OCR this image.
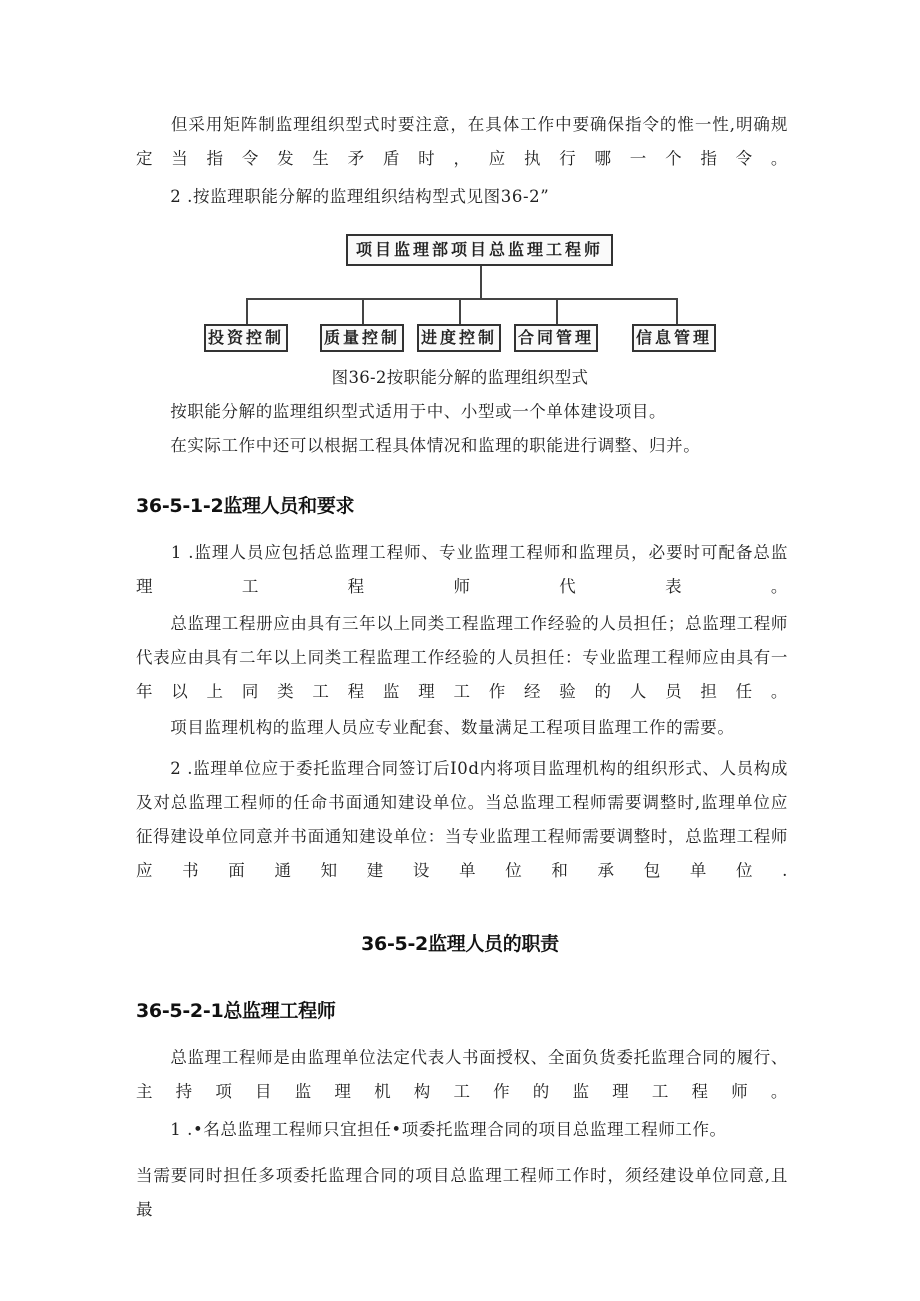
　　但采用矩阵制监理组织型式时要注意，在具体工作中要确保指令的惟一性,明确规定当指令发生矛盾时，应执行哪一个指令。
　　2 .按监理职能分解的监理组织结构型式见图36-2”
项目监理部项目总监理工程师
投资控制 质量控制 进度控制 合同管理	信息管理
图36-2按职能分解的监理组织型式
　　按职能分解的监理组织型式适用于中、小型或一个单体建设项目。
　　在实际工作中还可以根据工程具体情况和监理的职能进行调整、归并。
36-5-1-2监理人员和要求
　　1 .监理人员应包括总监理工程师、专业监理工程师和监理员，必要时可配备总监理工程师代表。
　　总监理工程册应由具有三年以上同类工程监理工作经验的人员担任；总监理工程师代表应由具有二年以上同类工程监理工作经验的人员担任：专业监理工程师应由具有一年以上同类工程监理工作经验的人员担任。
　　项目监理机构的监理人员应专业配套、数量满足工程项目监理工作的需要。
　　2 .监理单位应于委托监理合同签订后I0d内将项目监理机构的组织形式、人员构成及对总监理工程师的任命书面通知建设单位。当总监理工程师需要调整时,监理单位应征得建设单位同意并书面通知建设单位：当专业监理工程师需要调整时，总监理工程师应书面通知建设单位和承包单位.
36-5-2监理人员的职责
36-5-2-1总监理工程师
　　总监理工程师是由监理单位法定代表人书面授权、全面负货委托监理合同的履行、主持项目监理机构工作的监理工程师。
　　1 .•名总监理工程师只宜担任•项委托监理合同的项目总监理工程师工作。
当需要同时担任多项委托监理合同的项目总监理工程师工作时，须经建设单位同意,且最
